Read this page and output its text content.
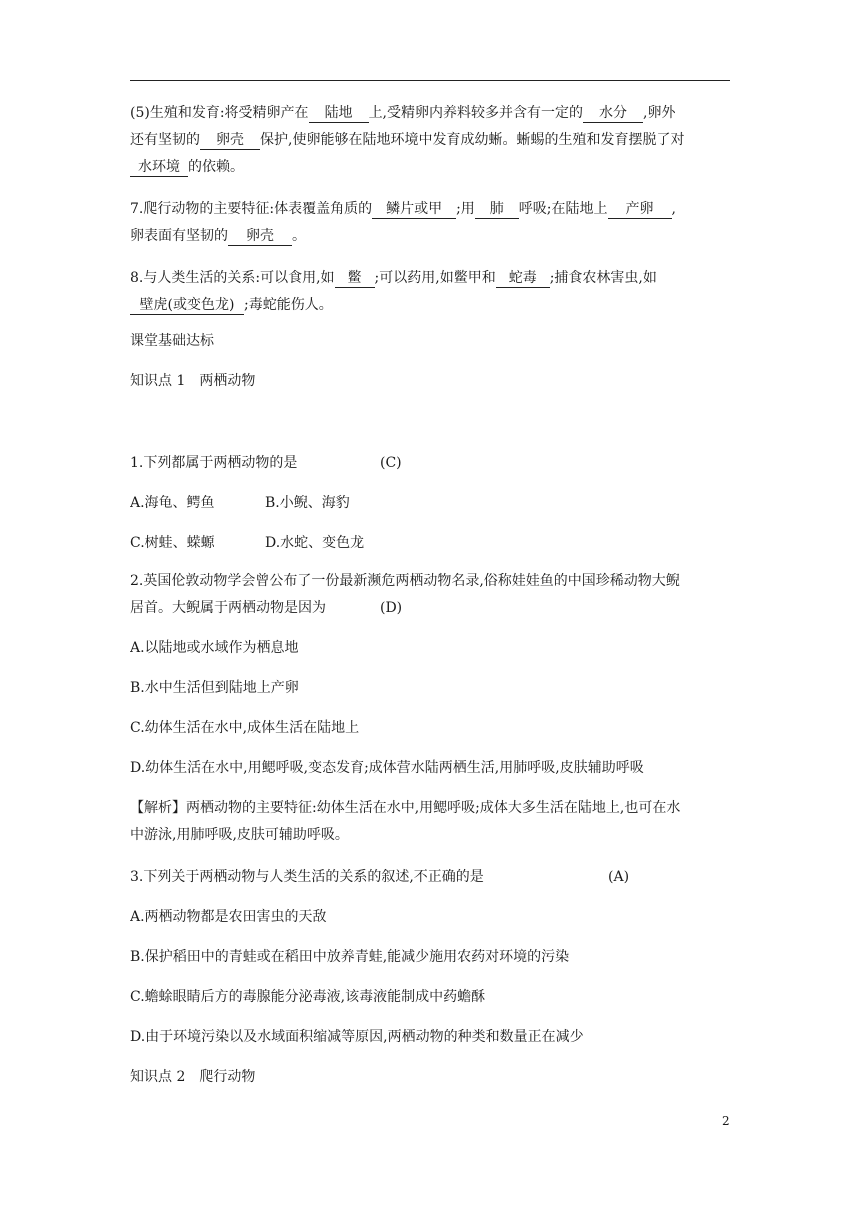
(5)生殖和发育:将受精卵产在 陆地 上,受精卵内养料较多并含有一定的 水分 ,卵外
还有坚韧的 卵壳 保护,使卵能够在陆地环境中发育成幼蜥。蜥蜴的生殖和发育摆脱了对
水环境 的依赖。
7.爬行动物的主要特征:体表覆盖角质的 鳞片或甲 ;用 肺 呼吸;在陆地上 产卵 ,
卵表面有坚韧的 卵壳 。
8.与人类生活的关系:可以食用,如 鳖 ;可以药用,如鳖甲和 蛇毒 ;捕食农林害虫,如
壁虎(或变色龙) ;毒蛇能伤人。
课堂基础达标
知识点 1　两栖动物
1.下列都属于两栖动物的是	(C)
A.海龟、鳄鱼	B.小鲵、海豹
C.树蛙、蝾螈	D.水蛇、变色龙
2.英国伦敦动物学会曾公布了一份最新濒危两栖动物名录,俗称娃娃鱼的中国珍稀动物大鲵
居首。大鲵属于两栖动物是因为	(D)
A.以陆地或水域作为栖息地
B.水中生活但到陆地上产卵
C.幼体生活在水中,成体生活在陆地上
D.幼体生活在水中,用鳃呼吸,变态发育;成体营水陆两栖生活,用肺呼吸,皮肤辅助呼吸
【解析】两栖动物的主要特征:幼体生活在水中,用鳃呼吸;成体大多生活在陆地上,也可在水
中游泳,用肺呼吸,皮肤可辅助呼吸。
3.下列关于两栖动物与人类生活的关系的叙述,不正确的是	(A)
A.两栖动物都是农田害虫的天敌
B.保护稻田中的青蛙或在稻田中放养青蛙,能减少施用农药对环境的污染
C.蟾蜍眼睛后方的毒腺能分泌毒液,该毒液能制成中药蟾酥
D.由于环境污染以及水域面积缩减等原因,两栖动物的种类和数量正在减少
知识点 2　爬行动物
2
